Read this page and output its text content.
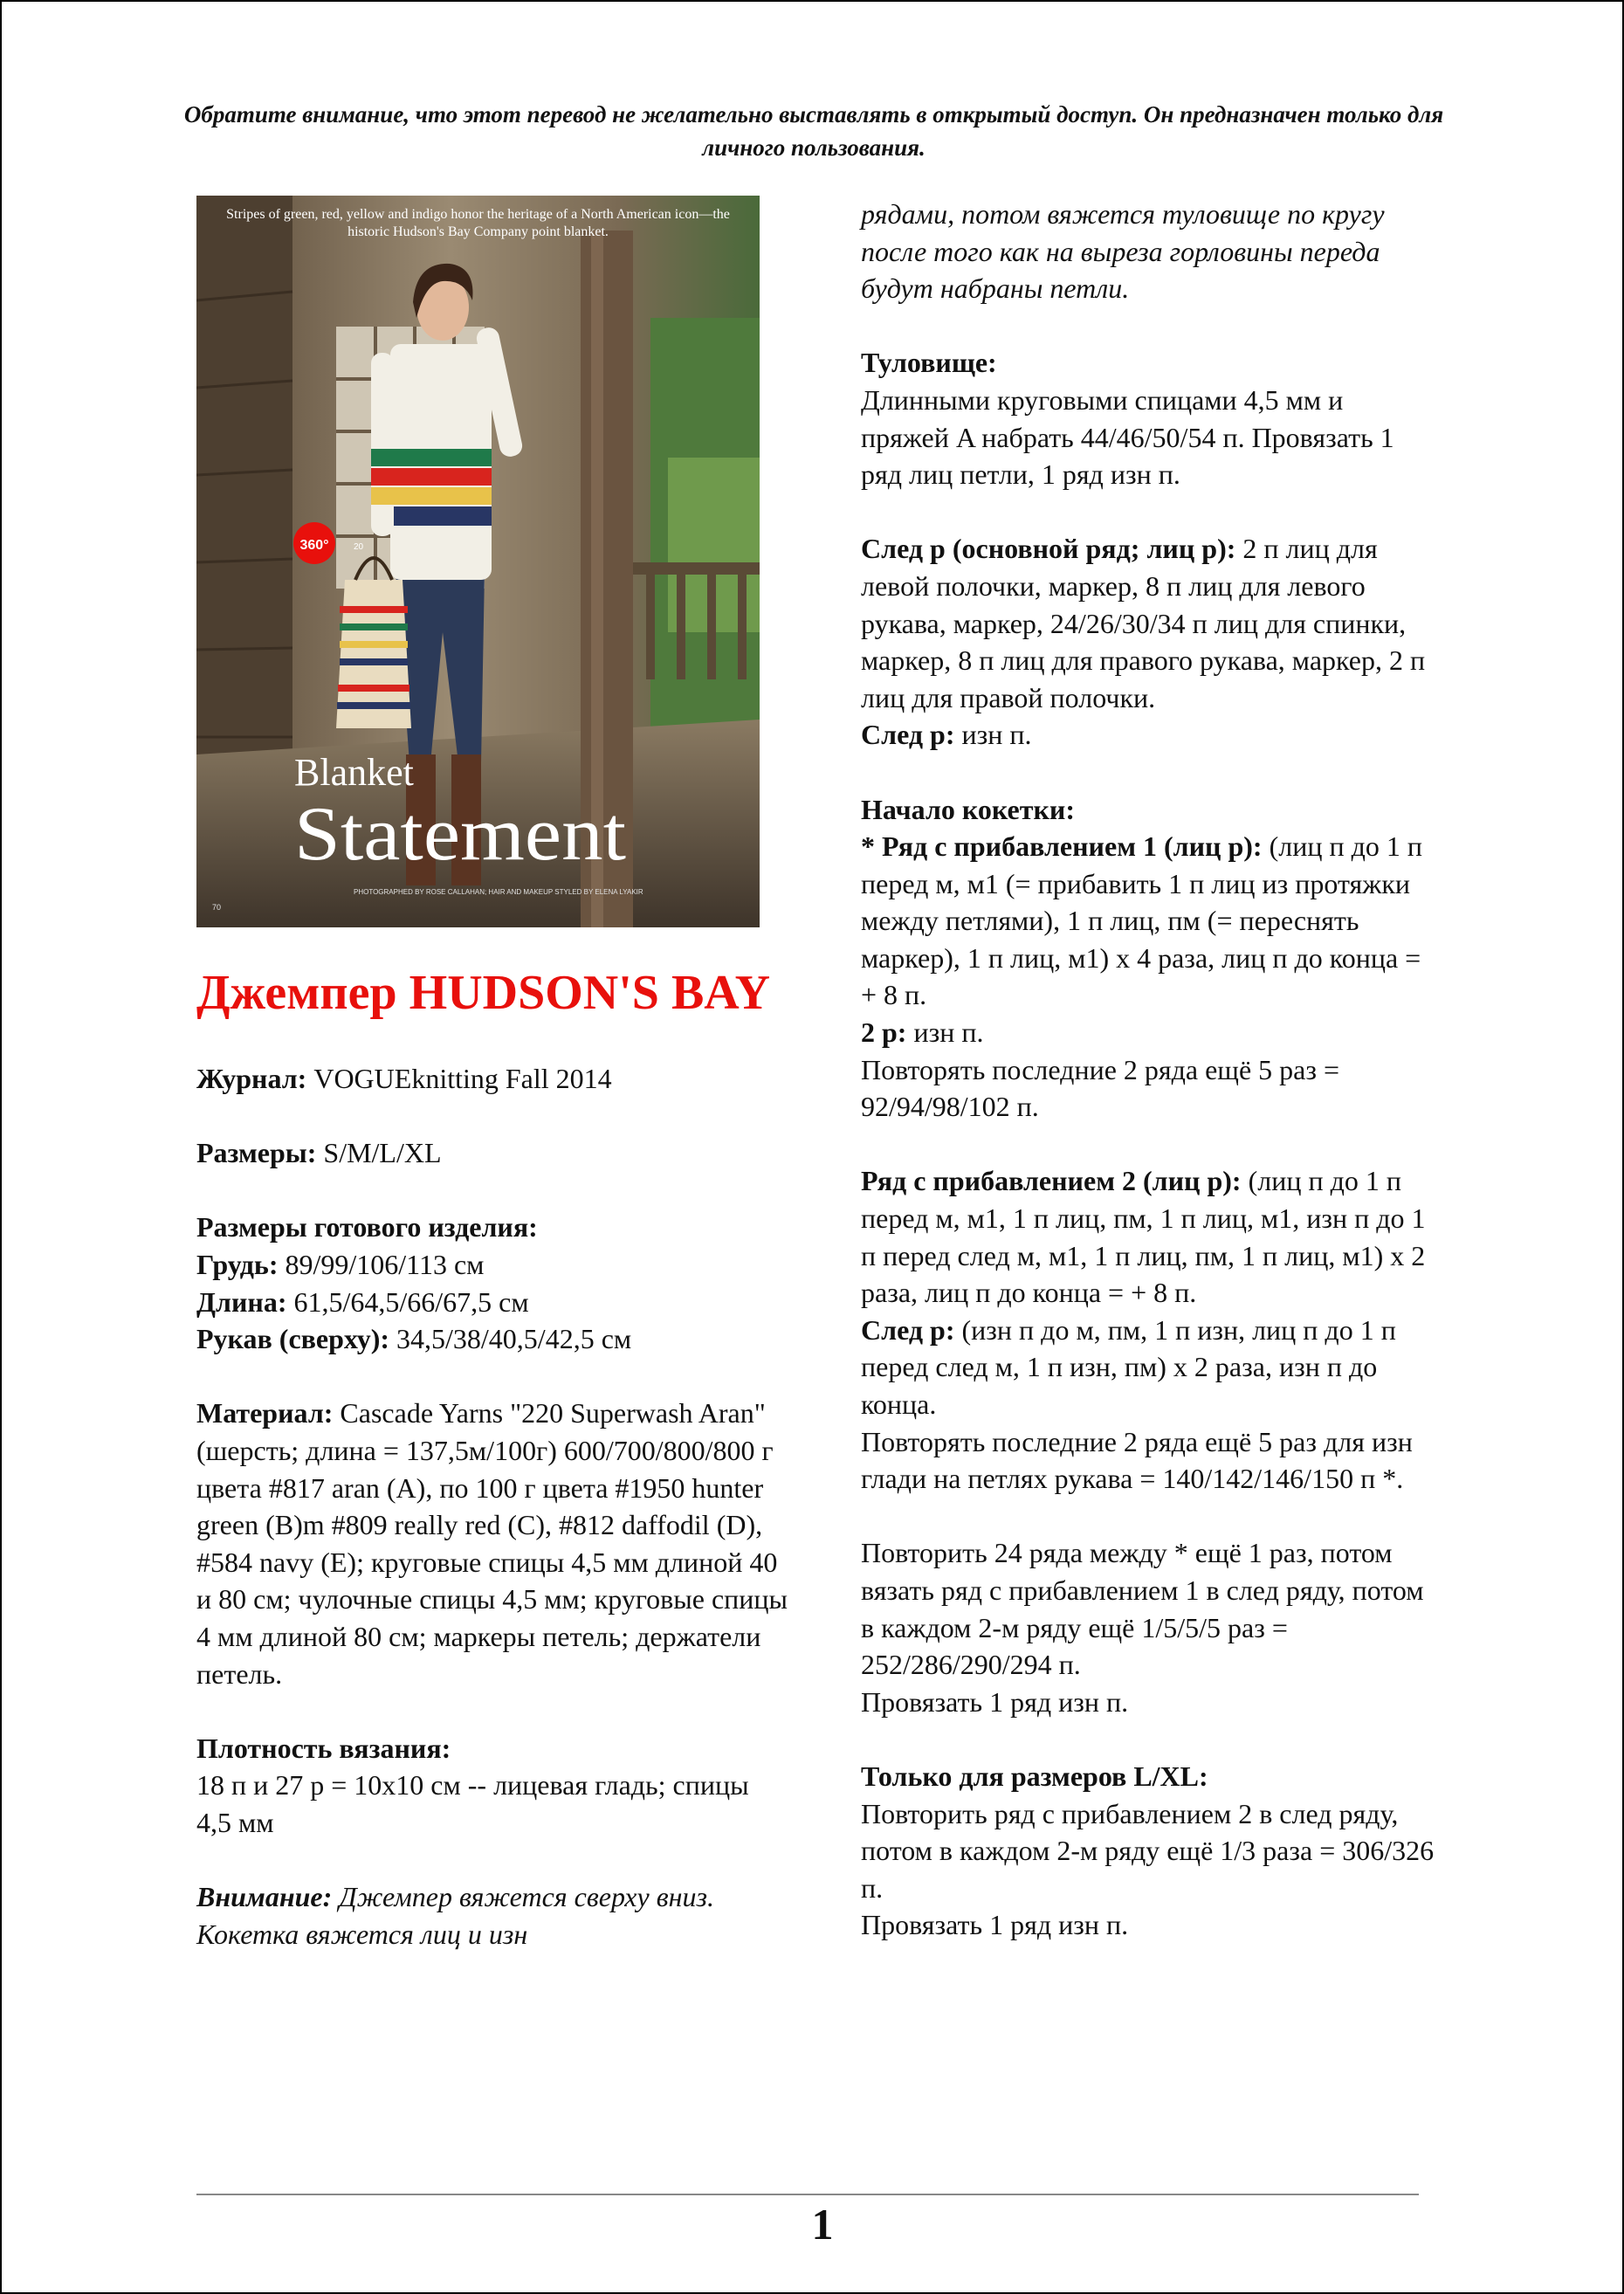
Обратите внимание, что этот перевод не желательно выставлять в открытый доступ. Он предназначен только для личного пользования.
360°	20
Stripes of green, red, yellow and indigo honor the heritage of a North American icon—the historic Hudson's Bay Company point blanket.
Blanket
Statement
PHOTOGRAPHED BY ROSE CALLAHAN; HAIR AND MAKEUP STYLED BY ELENA LYAKIR
70
Джемпер HUDSON'S BAY

Журнал: VOGUEknitting Fall 2014

Размеры: S/M/L/XL

Размеры готового изделия:

Грудь: 89/99/106/113 см

Длина: 61,5/64,5/66/67,5 см

Рукав (сверху): 34,5/38/40,5/42,5 см

Материал: Cascade Yarns "220 Superwash Aran" (шерсть; длина = 137,5м/100г) 600/700/800/800 г цвета #817 aran (A), по 100 г цвета #1950 hunter green (B)m #809 really red (C), #812 daffodil (D), #584 navy (E); круговые спицы 4,5 мм длиной 40 и 80 см; чулочные спицы 4,5 мм; круговые спицы 4 мм длиной 80 см; маркеры петель; держатели петель.

Плотность вязания:

18 п и 27 р = 10x10 см -- лицевая гладь; спицы 4,5 мм

Внимание: Джемпер вяжется сверху вниз. Кокетка вяжется лиц и изн

рядами, потом вяжется туловище по кругу после того как на выреза горловины переда будут набраны петли.

Туловище:

Длинными круговыми спицами 4,5 мм и пряжей A набрать 44/46/50/54 п. Провязать 1 ряд лиц петли, 1 ряд изн п.

След р (основной ряд; лиц р): 2 п лиц для левой полочки, маркер, 8 п лиц для левого рукава, маркер, 24/26/30/34 п лиц для спинки, маркер, 8 п лиц для правого рукава, маркер, 2 п лиц для правой полочки.

След р: изн п.

Начало кокетки:

* Ряд с прибавлением 1 (лиц р): (лиц п до 1 п перед м, м1 (= прибавить 1 п лиц из протяжки между петлями), 1 п лиц, пм (= переснять маркер), 1 п лиц, м1) x 4 раза, лиц п до конца = + 8 п.

2 р: изн п.

Повторять последние 2 ряда ещё 5 раз = 92/94/98/102 п.

Ряд с прибавлением 2 (лиц р): (лиц п до 1 п перед м, м1, 1 п лиц, пм, 1 п лиц, м1, изн п до 1 п перед след м, м1, 1 п лиц, пм, 1 п лиц, м1) x 2 раза, лиц п до конца = + 8 п.

След р: (изн п до м, пм, 1 п изн, лиц п до 1 п перед след м, 1 п изн, пм) x 2 раза, изн п до конца.

Повторять последние 2 ряда ещё 5 раз для изн глади на петлях рукава = 140/142/146/150 п *.

Повторить 24 ряда между * ещё 1 раз, потом вязать ряд с прибавлением 1 в след ряду, потом в каждом 2-м ряду ещё 1/5/5/5 раз = 252/286/290/294 п.

Провязать 1 ряд изн п.

Только для размеров L/XL:

Повторить ряд с прибавлением 2 в след ряду, потом в каждом 2-м ряду ещё 1/3 раза = 306/326 п.

Провязать 1 ряд изн п.

1
